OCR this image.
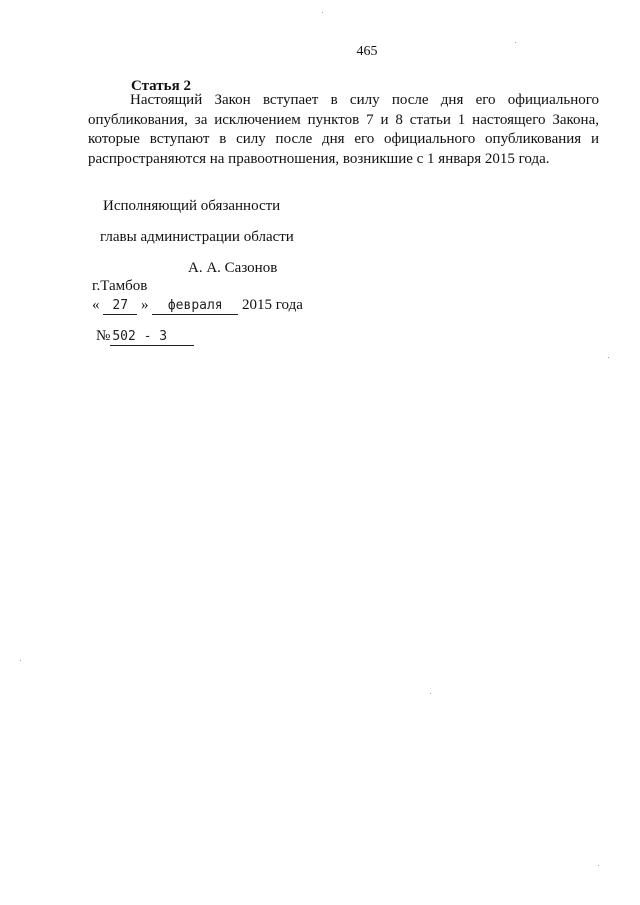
465
Статья 2

Настоящий Закон вступает в силу после дня его официального опубликования, за исключением пунктов 7 и 8 статьи 1 настоящего Закона, которые вступают в силу после дня его официального опубликования и распространяются на правоотношения, возникшие с 1 января 2015 года.

Исполняющий обязанности
главы администрации области
А. А. Сазонов
г.Тамбов
« 27 » февраля 2015 года
№ 502 - 3
